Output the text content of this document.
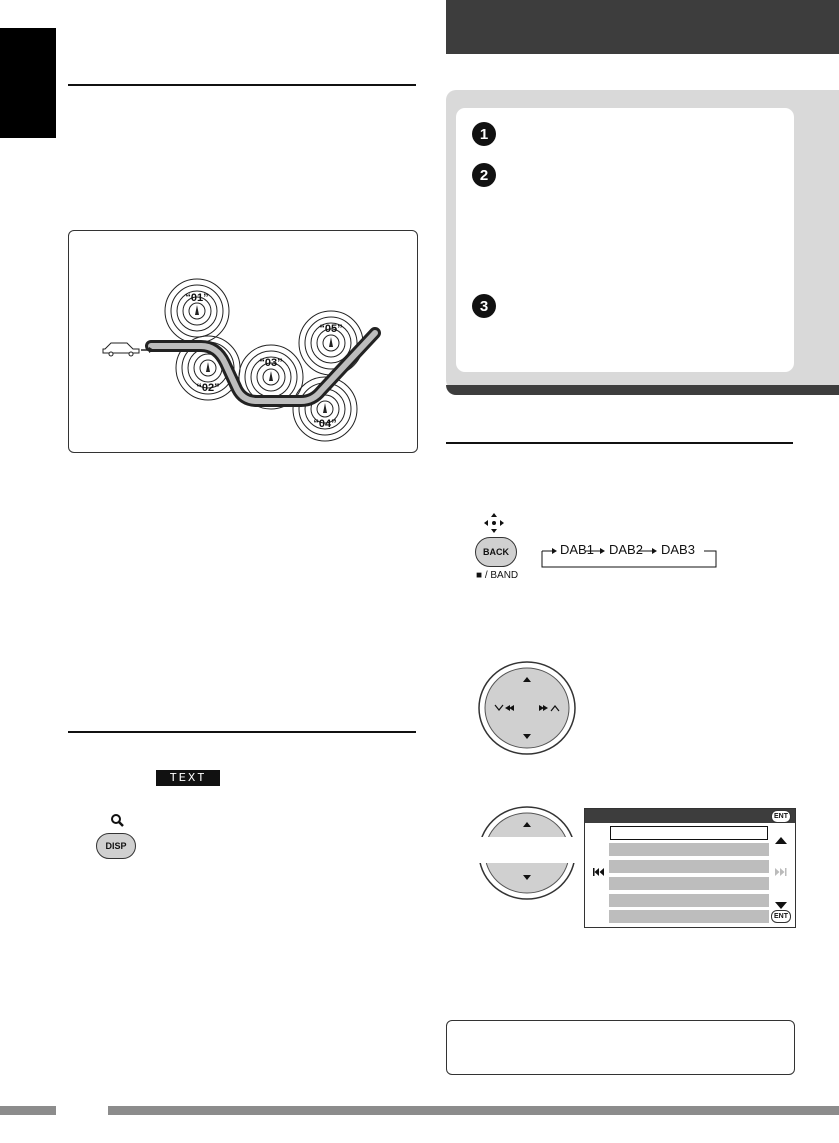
“01”
“02”
“03”
“04”
“05”
TEXT
DISP
1
2
3
BACK
■ / BAND
DAB1 DAB2 DAB3
ENT
ENT
